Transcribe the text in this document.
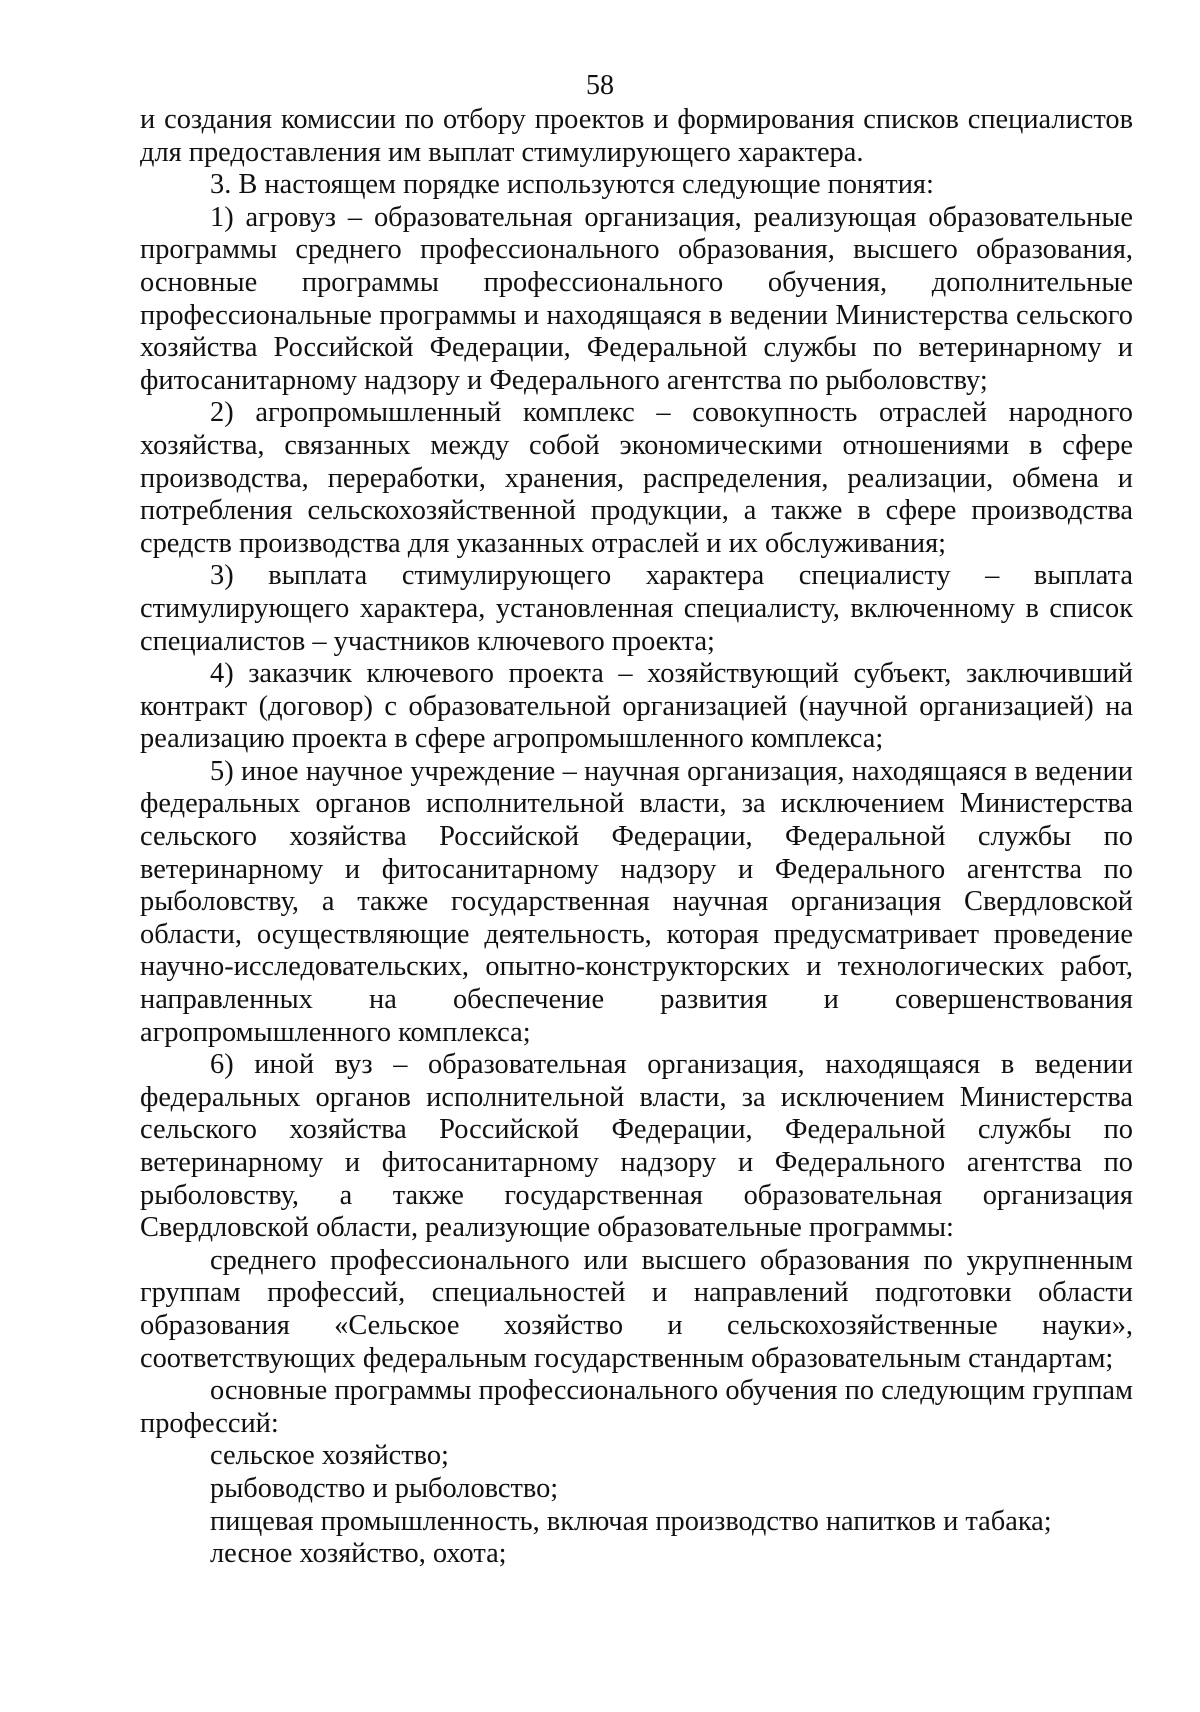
58

и создания комиссии по отбору проектов и формирования списков специалистов для предоставления им выплат стимулирующего характера.

3. В настоящем порядке используются следующие понятия:

1) агровуз – образовательная организация, реализующая образовательные программы среднего профессионального образования, высшего образования, основные программы профессионального обучения, дополнительные профессиональные программы и находящаяся в ведении Министерства сельского хозяйства Российской Федерации, Федеральной службы по ветеринарному и фитосанитарному надзору и Федерального агентства по рыболовству;

2) агропромышленный комплекс – совокупность отраслей народного хозяйства, связанных между собой экономическими отношениями в сфере производства, переработки, хранения, распределения, реализации, обмена и потребления сельскохозяйственной продукции, а также в сфере производства средств производства для указанных отраслей и их обслуживания;

3) выплата стимулирующего характера специалисту – выплата стимулирующего характера, установленная специалисту, включенному в список специалистов – участников ключевого проекта;

4) заказчик ключевого проекта – хозяйствующий субъект, заключивший контракт (договор) с образовательной организацией (научной организацией) на реализацию проекта в сфере агропромышленного комплекса;

5) иное научное учреждение – научная организация, находящаяся в ведении федеральных органов исполнительной власти, за исключением Министерства сельского хозяйства Российской Федерации, Федеральной службы по ветеринарному и фитосанитарному надзору и Федерального агентства по рыболовству, а также государственная научная организация Свердловской области, осуществляющие деятельность, которая предусматривает проведение научно-исследовательских, опытно-конструкторских и технологических работ, направленных на обеспечение развития и совершенствования агропромышленного комплекса;

6) иной вуз – образовательная организация, находящаяся в ведении федеральных органов исполнительной власти, за исключением Министерства сельского хозяйства Российской Федерации, Федеральной службы по ветеринарному и фитосанитарному надзору и Федерального агентства по рыболовству, а также государственная образовательная организация Свердловской области, реализующие образовательные программы:

среднего профессионального или высшего образования по укрупненным группам профессий, специальностей и направлений подготовки области образования «Сельское хозяйство и сельскохозяйственные науки», соответствующих федеральным государственным образовательным стандартам;

основные программы профессионального обучения по следующим группам профессий:

сельское хозяйство;

рыбоводство и рыболовство;

пищевая промышленность, включая производство напитков и табака;

лесное хозяйство, охота;
